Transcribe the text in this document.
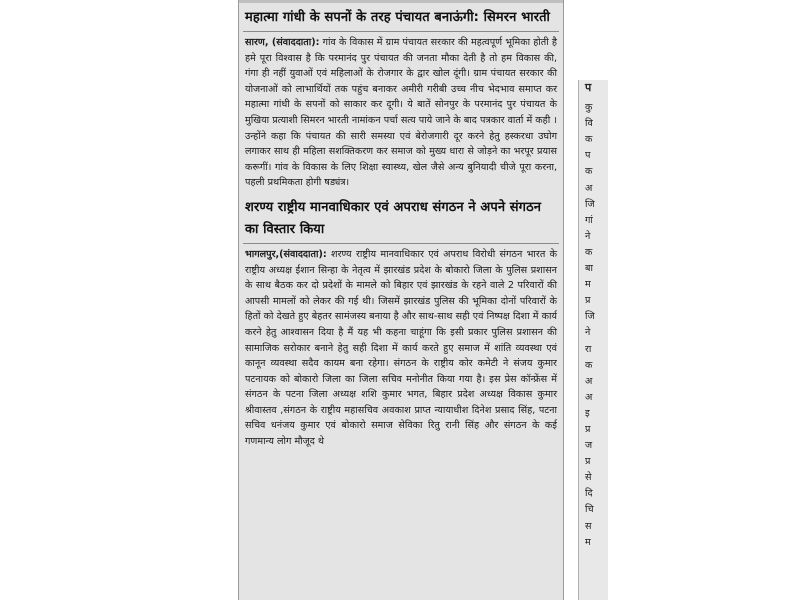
महात्मा गांधी के सपनों के तरह पंचायत बनाऊंगी: सिमरन भारती
सारण, (संवाददाता): गांव के विकास में ग्राम पंचायत सरकार की महत्वपूर्ण भूमिका होती है हमे पूरा विश्वास है कि परमानंद पुर पंचायत की जनता मौका देती है तो हम विकास की, गंगा ही नहीं युवाओं एवं महिलाओं के रोजगार के द्वार खोल दूंगी। ग्राम पंचायत सरकार की योजनाओं को लाभार्थियों तक पहुंच बनाकर अमीरी गरीबी उच्च नीच भेदभाव समाप्त कर महात्मा गांधी के सपनों को साकार कर दूगी। ये बातें सोनपुर के परमानंद पुर पंचायत के मुखिया प्रत्याशी सिमरन भारती नामांकन पर्चा सत्य पाये जाने के बाद पत्रकार वार्ता में कही । उन्होंने कहा कि पंचायत की सारी समस्या एवं बेरोजगारी दूर करने हेतु हस्करधा उघोग लगाकर साथ ही महिला सशक्तिकरण कर समाज को मुख्य धारा से जोड़ने का भरपूर प्रयास करूगीं। गांव के विकास के लिए शिक्षा स्वास्थ्य, खेल जैसे अन्य बुनियादी चीजे पूरा करना, पहली प्रथमिकता होगी षड्यंत्र।
शरण्य राष्ट्रीय मानवाधिकार एवं अपराध संगठन ने अपने संगठन का विस्तार किया
भागलपुर,(संवाददाता): शरण्य राष्ट्रीय मानवाधिकार एवं अपराध विरोधी संगठन भारत के राष्ट्रीय अध्यक्ष ईशान सिन्हा के नेतृत्व में झारखंड प्रदेश के बोकारो जिला के पुलिस प्रशासन के साथ बैठक कर दो प्रदेशों के मामले को बिहार एवं झारखंड के रहने वाले 2 परिवारों की आपसी मामलों को लेकर की गई थी। जिसमें झारखंड पुलिस की भूमिका दोनों परिवारों के हितों को देखते हुए बेहतर सामंजस्य बनाया है और साथ-साथ सही एवं निष्पक्ष दिशा में कार्य करने हेतु आश्वासन दिया है मैं यह भी कहना चाहूंगा कि इसी प्रकार पुलिस प्रशासन की सामाजिक सरोकार बनाने हेतु सही दिशा में कार्य करते हुए समाज में शांति व्यवस्था एवं कानून व्यवस्था सदैव कायम बना रहेगा। संगठन के राष्ट्रीय कोर कमेटी ने संजय कुमार पटनायक को बोकारो जिला का जिला सचिव मनोनीत किया गया है। इस प्रेस कॉन्फ्रेंस में संगठन के पटना जिला अध्यक्ष शशि कुमार भगत, बिहार प्रदेश अध्यक्ष विकास कुमार श्रीवास्तव ,संगठन के राष्ट्रीय महासचिव अवकाश प्राप्त न्यायाधीश दिनेश प्रसाद सिंह, पटना सचिव धनंजय कुमार एवं बोकारो समाज सेविका रितु रानी सिंह और संगठन के कई गणमान्य लोग मौजूद थे
प
कु
वि
क
प
क
अ
जि
गां
ने
क
बा
म
प्र
जि
ने
रा
क
अ
अ
इ
प्र
ज
प्र
से
दि
चि
स
म
